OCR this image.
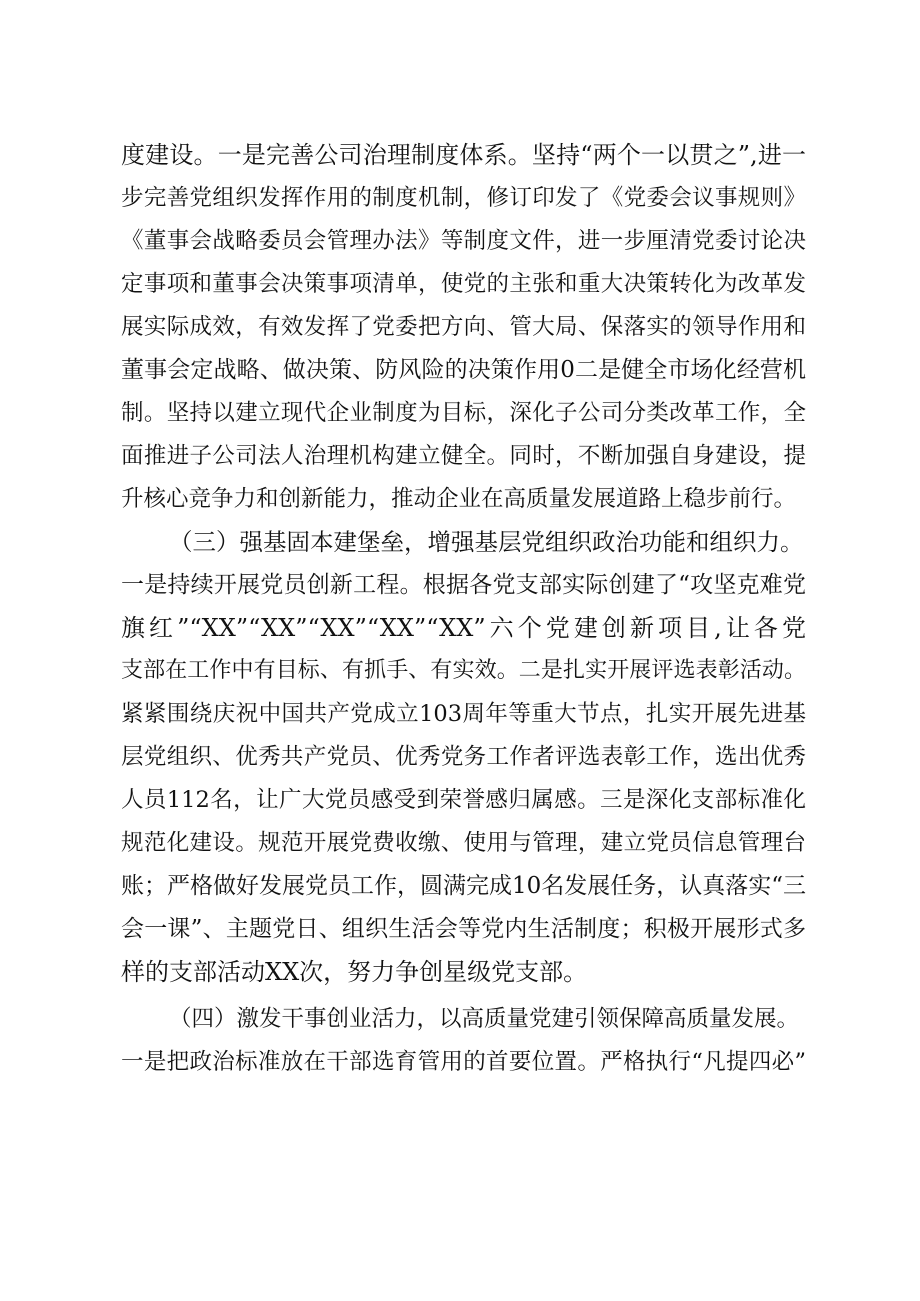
度建设。一是完善公司治理制度体系。坚持“两个一以贯之”,进一
步完善党组织发挥作用的制度机制，修订印发了《党委会议事规则》
《董事会战略委员会管理办法》等制度文件，进一步厘清党委讨论决
定事项和董事会决策事项清单，使党的主张和重大决策转化为改革发
展实际成效，有效发挥了党委把方向、管大局、保落实的领导作用和
董事会定战略、做决策、防风险的决策作用0二是健全市场化经营机
制。坚持以建立现代企业制度为目标，深化子公司分类改革工作，全
面推进子公司法人治理机构建立健全。同时，不断加强自身建设，提
升核心竞争力和创新能力，推动企业在高质量发展道路上稳步前行。
（三）强基固本建堡垒，增强基层党组织政治功能和组织力。
一是持续开展党员创新工程。根据各党支部实际创建了“攻坚克难党
旗红”“XX”“XX”“XX”“XX”“XX”六个党建创新项目,让各党
支部在工作中有目标、有抓手、有实效。二是扎实开展评选表彰活动。
紧紧围绕庆祝中国共产党成立103周年等重大节点，扎实开展先进基
层党组织、优秀共产党员、优秀党务工作者评选表彰工作，选出优秀
人员112名，让广大党员感受到荣誉感归属感。三是深化支部标准化
规范化建设。规范开展党费收缴、使用与管理，建立党员信息管理台
账；严格做好发展党员工作，圆满完成10名发展任务，认真落实“三
会一课”、主题党日、组织生活会等党内生活制度；积极开展形式多
样的支部活动XX次，努力争创星级党支部。
（四）激发干事创业活力，以高质量党建引领保障高质量发展。
一是把政治标准放在干部选育管用的首要位置。严格执行“凡提四必”
